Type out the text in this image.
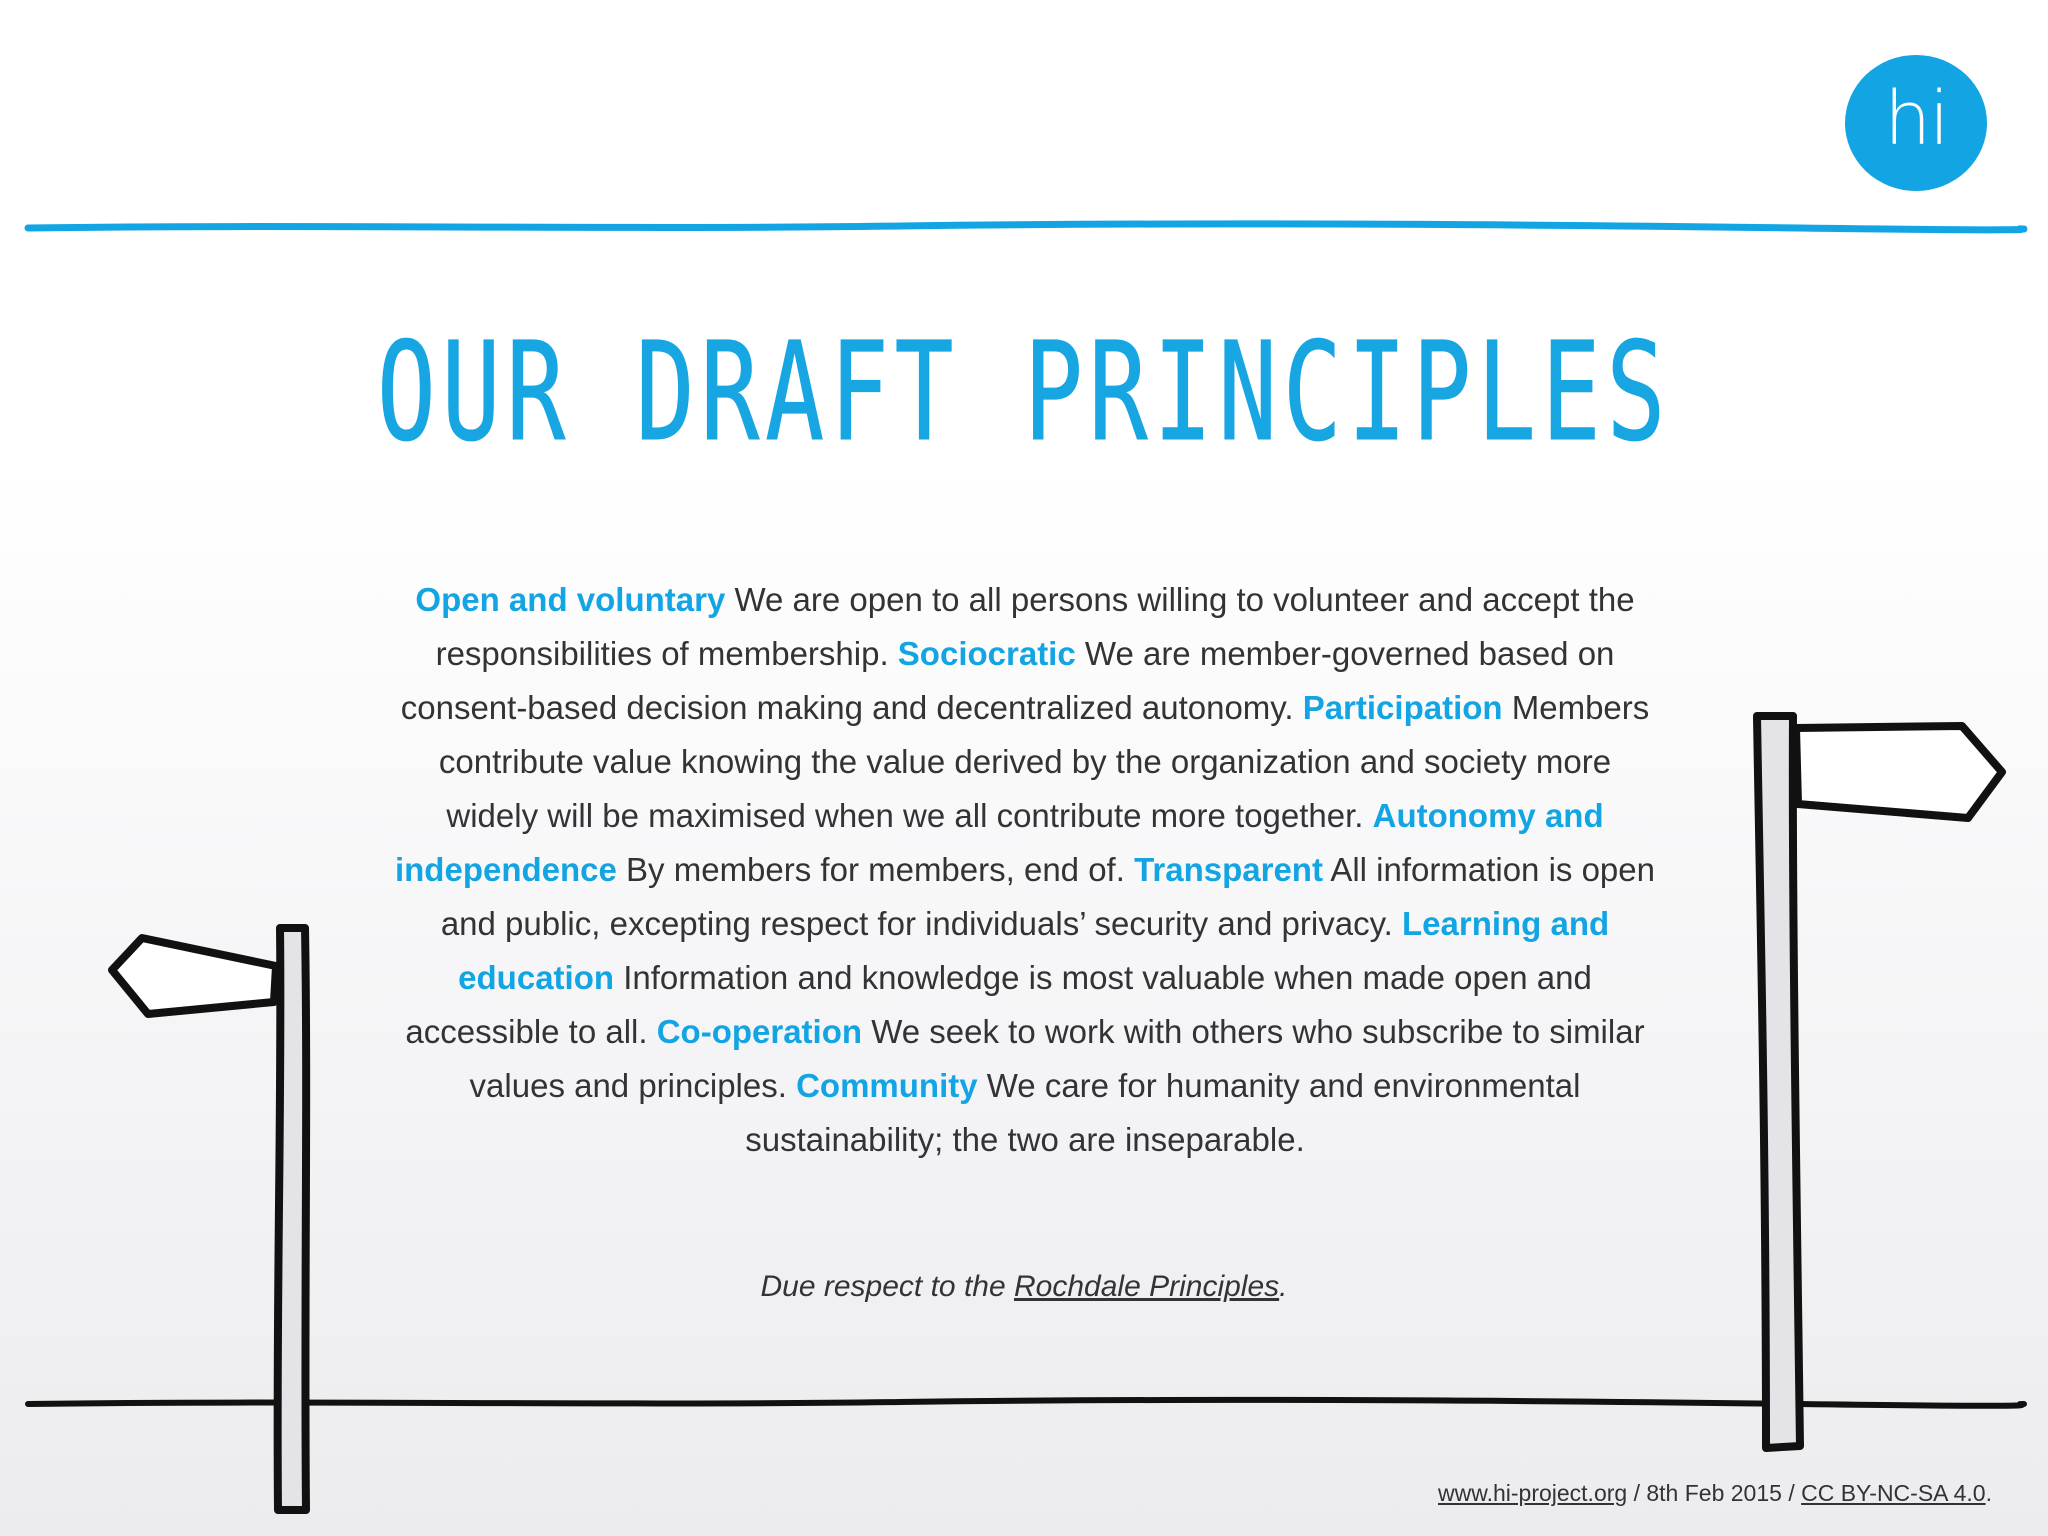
hi
OUR DRAFT PRINCIPLES
Open and voluntary We are open to all persons willing to volunteer and accept the responsibilities of membership. Sociocratic We are member-governed based on consent-based decision making and decentralized autonomy. Participation Members contribute value knowing the value derived by the organization and society more widely will be maximised when we all contribute more together. Autonomy and independence By members for members, end of. Transparent All information is open and public, excepting respect for individuals’ security and privacy. Learning and education Information and knowledge is most valuable when made open and accessible to all. Co-operation We seek to work with others who subscribe to similar values and principles. Community We care for humanity and environmental sustainability; the two are inseparable.
Due respect to the Rochdale Principles.
www.hi-project.org / 8th Feb 2015 / CC BY-NC-SA 4.0.
